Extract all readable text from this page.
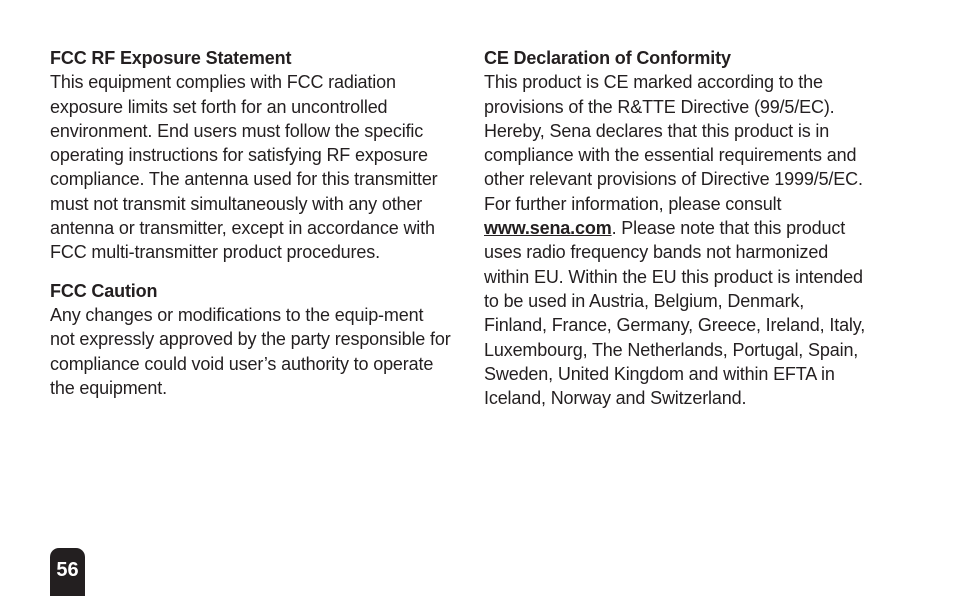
FCC RF Exposure Statement

This equipment complies with FCC radiation exposure limits set forth for an uncontrolled environment. End users must follow the specific operating instructions for satisfying RF exposure compliance. The antenna used for this transmitter must not transmit simultaneously with any other antenna or transmitter, except in accordance with FCC multi-transmitter product procedures.

FCC Caution

Any changes or modifications to the equip-ment not expressly approved by the party responsible for compliance could void user’s authority to operate the equipment.

CE Declaration of Conformity

This product is CE marked according to the provisions of the R&TTE Directive (99/5/EC). Hereby, Sena declares that this product is in compliance with the essential requirements and other relevant provisions of Directive 1999/5/EC. For further information, please consult www.sena.com. Please note that this product uses radio frequency bands not harmonized within EU. Within the EU this product is intended to be used in Austria, Belgium, Denmark, Finland, France, Germany, Greece, Ireland, Italy, Luxembourg, The Netherlands, Portugal, Spain, Sweden, United Kingdom and within EFTA in Iceland, Norway and Switzerland.

56
